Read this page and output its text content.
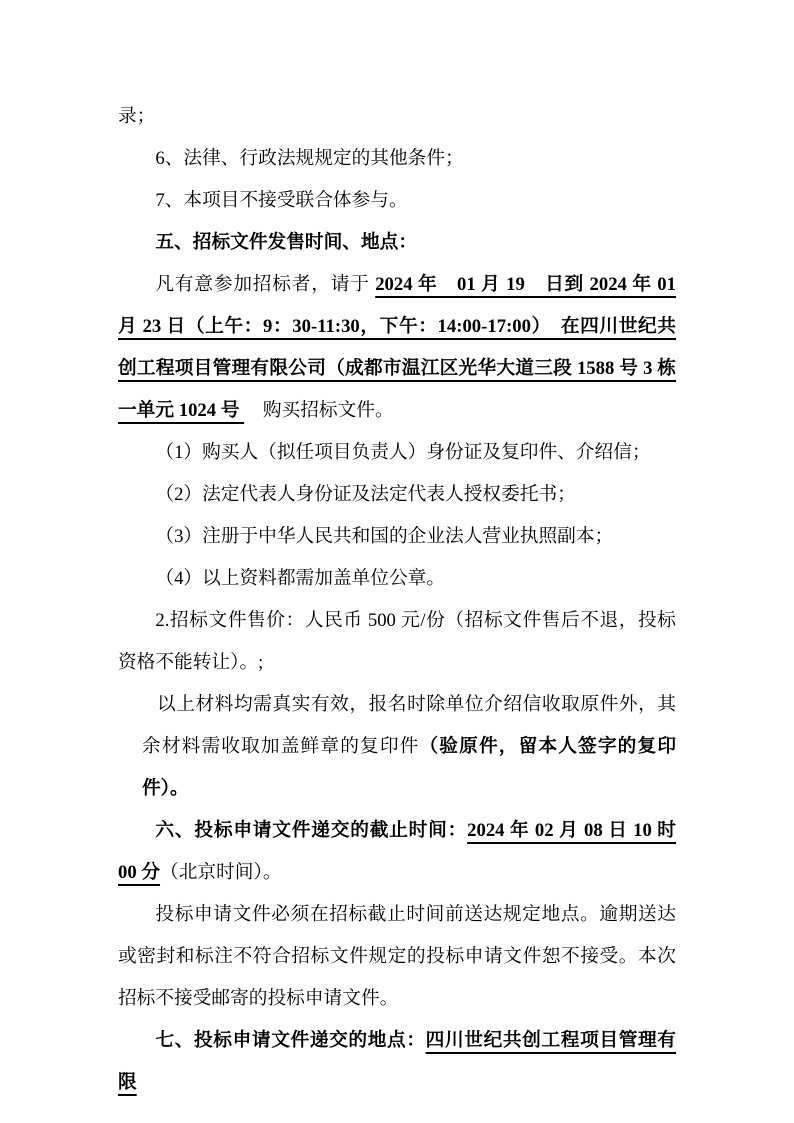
录；

6、法律、行政法规规定的其他条件；

7、本项目不接受联合体参与。

五、招标文件发售时间、地点：

凡有意参加招标者，请于 2024 年　01 月 19　日到 2024 年 01 月 23 日（上午：9：30-11:30，下午：14:00-17:00）　在四川世纪共创工程项目管理有限公司（成都市温江区光华大道三段 1588 号 3 栋一单元 1024 号 　购买招标文件。

（1）购买人（拟任项目负责人）身份证及复印件、介绍信；

（2）法定代表人身份证及法定代表人授权委托书；

（3）注册于中华人民共和国的企业法人营业执照副本；

（4）以上资料都需加盖单位公章。

2.招标文件售价：人民币 500 元/份（招标文件售后不退，投标资格不能转让）。;

以上材料均需真实有效，报名时除单位介绍信收取原件外，其余材料需收取加盖鲜章的复印件（验原件，留本人签字的复印件）。

六、投标申请文件递交的截止时间：2024 年 02 月 08 日 10 时 00 分（北京时间）。

投标申请文件必须在招标截止时间前送达规定地点。逾期送达或密封和标注不符合招标文件规定的投标申请文件恕不接受。本次招标不接受邮寄的投标申请文件。

七、投标申请文件递交的地点：四川世纪共创工程项目管理有限
